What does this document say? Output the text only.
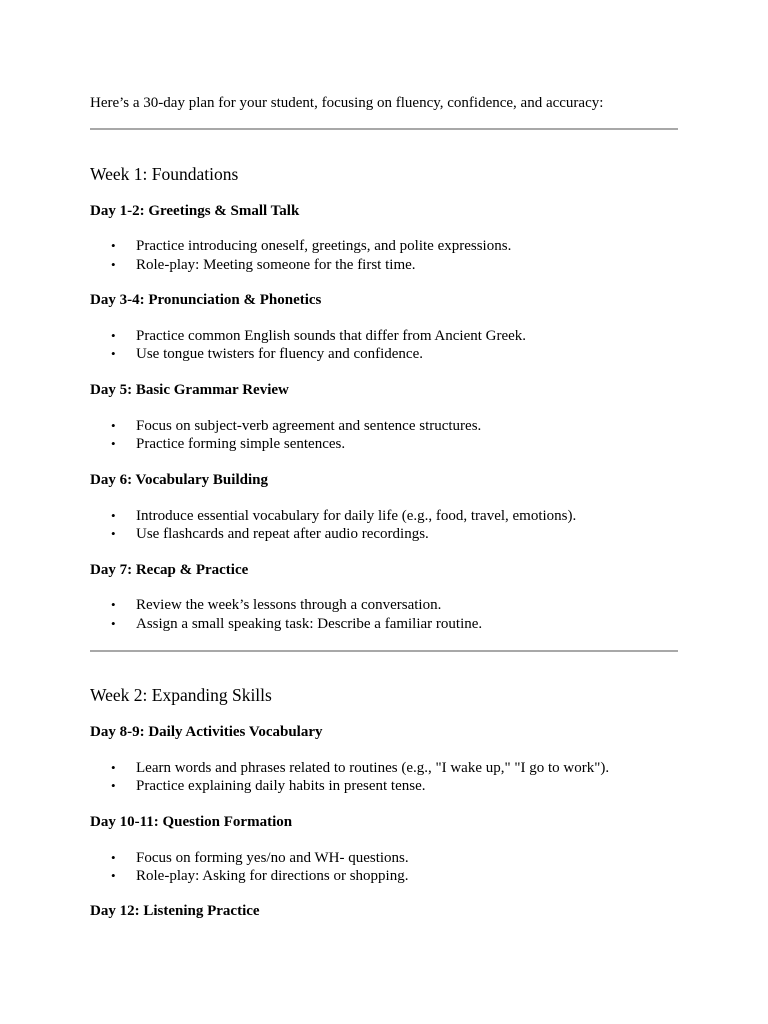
Here’s a 30-day plan for your student, focusing on fluency, confidence, and accuracy:
Week 1: Foundations
Day 1-2: Greetings & Small Talk
• Practice introducing oneself, greetings, and polite expressions.
• Role-play: Meeting someone for the first time.
Day 3-4: Pronunciation & Phonetics
• Practice common English sounds that differ from Ancient Greek.
• Use tongue twisters for fluency and confidence.
Day 5: Basic Grammar Review
• Focus on subject-verb agreement and sentence structures.
• Practice forming simple sentences.
Day 6: Vocabulary Building
• Introduce essential vocabulary for daily life (e.g., food, travel, emotions).
• Use flashcards and repeat after audio recordings.
Day 7: Recap & Practice
• Review the week’s lessons through a conversation.
• Assign a small speaking task: Describe a familiar routine.
Week 2: Expanding Skills
Day 8-9: Daily Activities Vocabulary
• Learn words and phrases related to routines (e.g., "I wake up," "I go to work").
• Practice explaining daily habits in present tense.
Day 10-11: Question Formation
• Focus on forming yes/no and WH- questions.
• Role-play: Asking for directions or shopping.
Day 12: Listening Practice
